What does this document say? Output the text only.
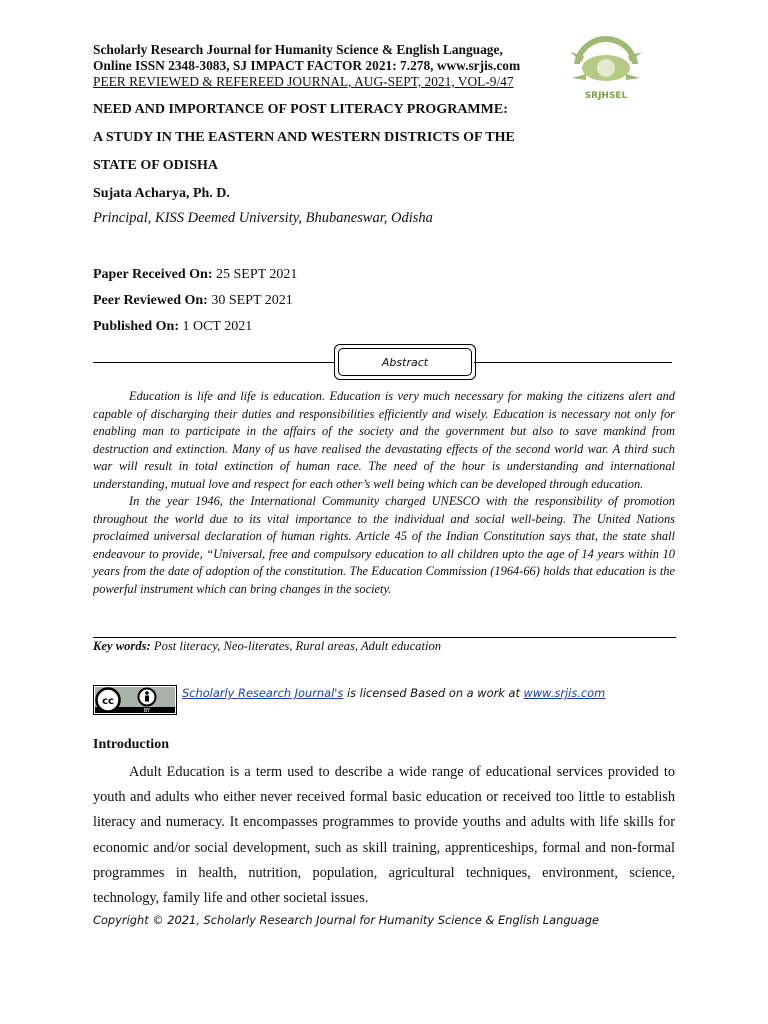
Scholarly Research Journal for Humanity Science & English Language,
Online ISSN 2348-3083, SJ IMPACT FACTOR 2021: 7.278, www.srjis.com
PEER REVIEWED & REFEREED JOURNAL, AUG-SEPT, 2021, VOL-9/47
SRJHSEL
NEED AND IMPORTANCE OF POST LITERACY PROGRAMME:
A STUDY IN THE EASTERN AND WESTERN DISTRICTS OF THE
STATE OF ODISHA
Sujata Acharya, Ph. D.
Principal, KISS Deemed University, Bhubaneswar, Odisha
Paper Received On: 25 SEPT 2021
Peer Reviewed On: 30 SEPT 2021
Published On: 1 OCT 2021
Abstract

Education is life and life is education. Education is very much necessary for making the citizens alert and capable of discharging their duties and responsibilities efficiently and wisely. Education is necessary not only for enabling man to participate in the affairs of the society and the government but also to save mankind from destruction and extinction. Many of us have realised the devastating effects of the second world war. A third such war will result in total extinction of human race. The need of the hour is understanding and international understanding, mutual love and respect for each other’s well being which can be developed through education.

In the year 1946, the International Community charged UNESCO with the responsibility of promotion throughout the world due to its vital importance to the individual and social well-being. The United Nations proclaimed universal declaration of human rights. Article 45 of the Indian Constitution says that, the state shall endeavour to provide, “Universal, free and compulsory education to all children upto the age of 14 years within 10 years from the date of adoption of the constitution. The Education Commission (1964-66) holds that education is the powerful instrument which can bring changes in the society.

Key words: Post literacy, Neo-literates, Rural areas, Adult education
cc
BY
Scholarly Research Journal's is licensed Based on a work at www.srjis.com
Introduction

Adult Education is a term used to describe a wide range of educational services provided to youth and adults who either never received formal basic education or received too little to establish literacy and numeracy. It encompasses programmes to provide youths and adults with life skills for economic and/or social development, such as skill training, apprenticeships, formal and non-formal programmes in health, nutrition, population, agricultural techniques, environment, science, technology, family life and other societal issues.

Copyright © 2021, Scholarly Research Journal for Humanity Science & English Language
